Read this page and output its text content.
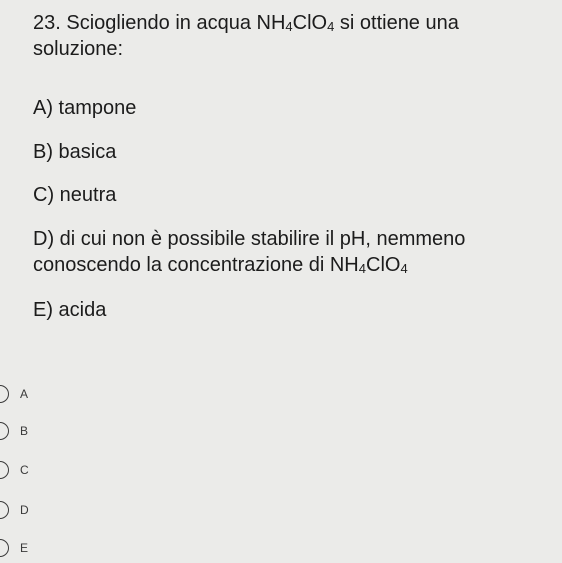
23. Sciogliendo in acqua $NH_4ClO_4$ si ottiene una soluzione:
A) tampone
B) basica
C) neutra
D) di cui non è possibile stabilire il pH, nemmeno conoscendo la concentrazione di $NH_4ClO_4$
E) acida
A
B
C
D
E
